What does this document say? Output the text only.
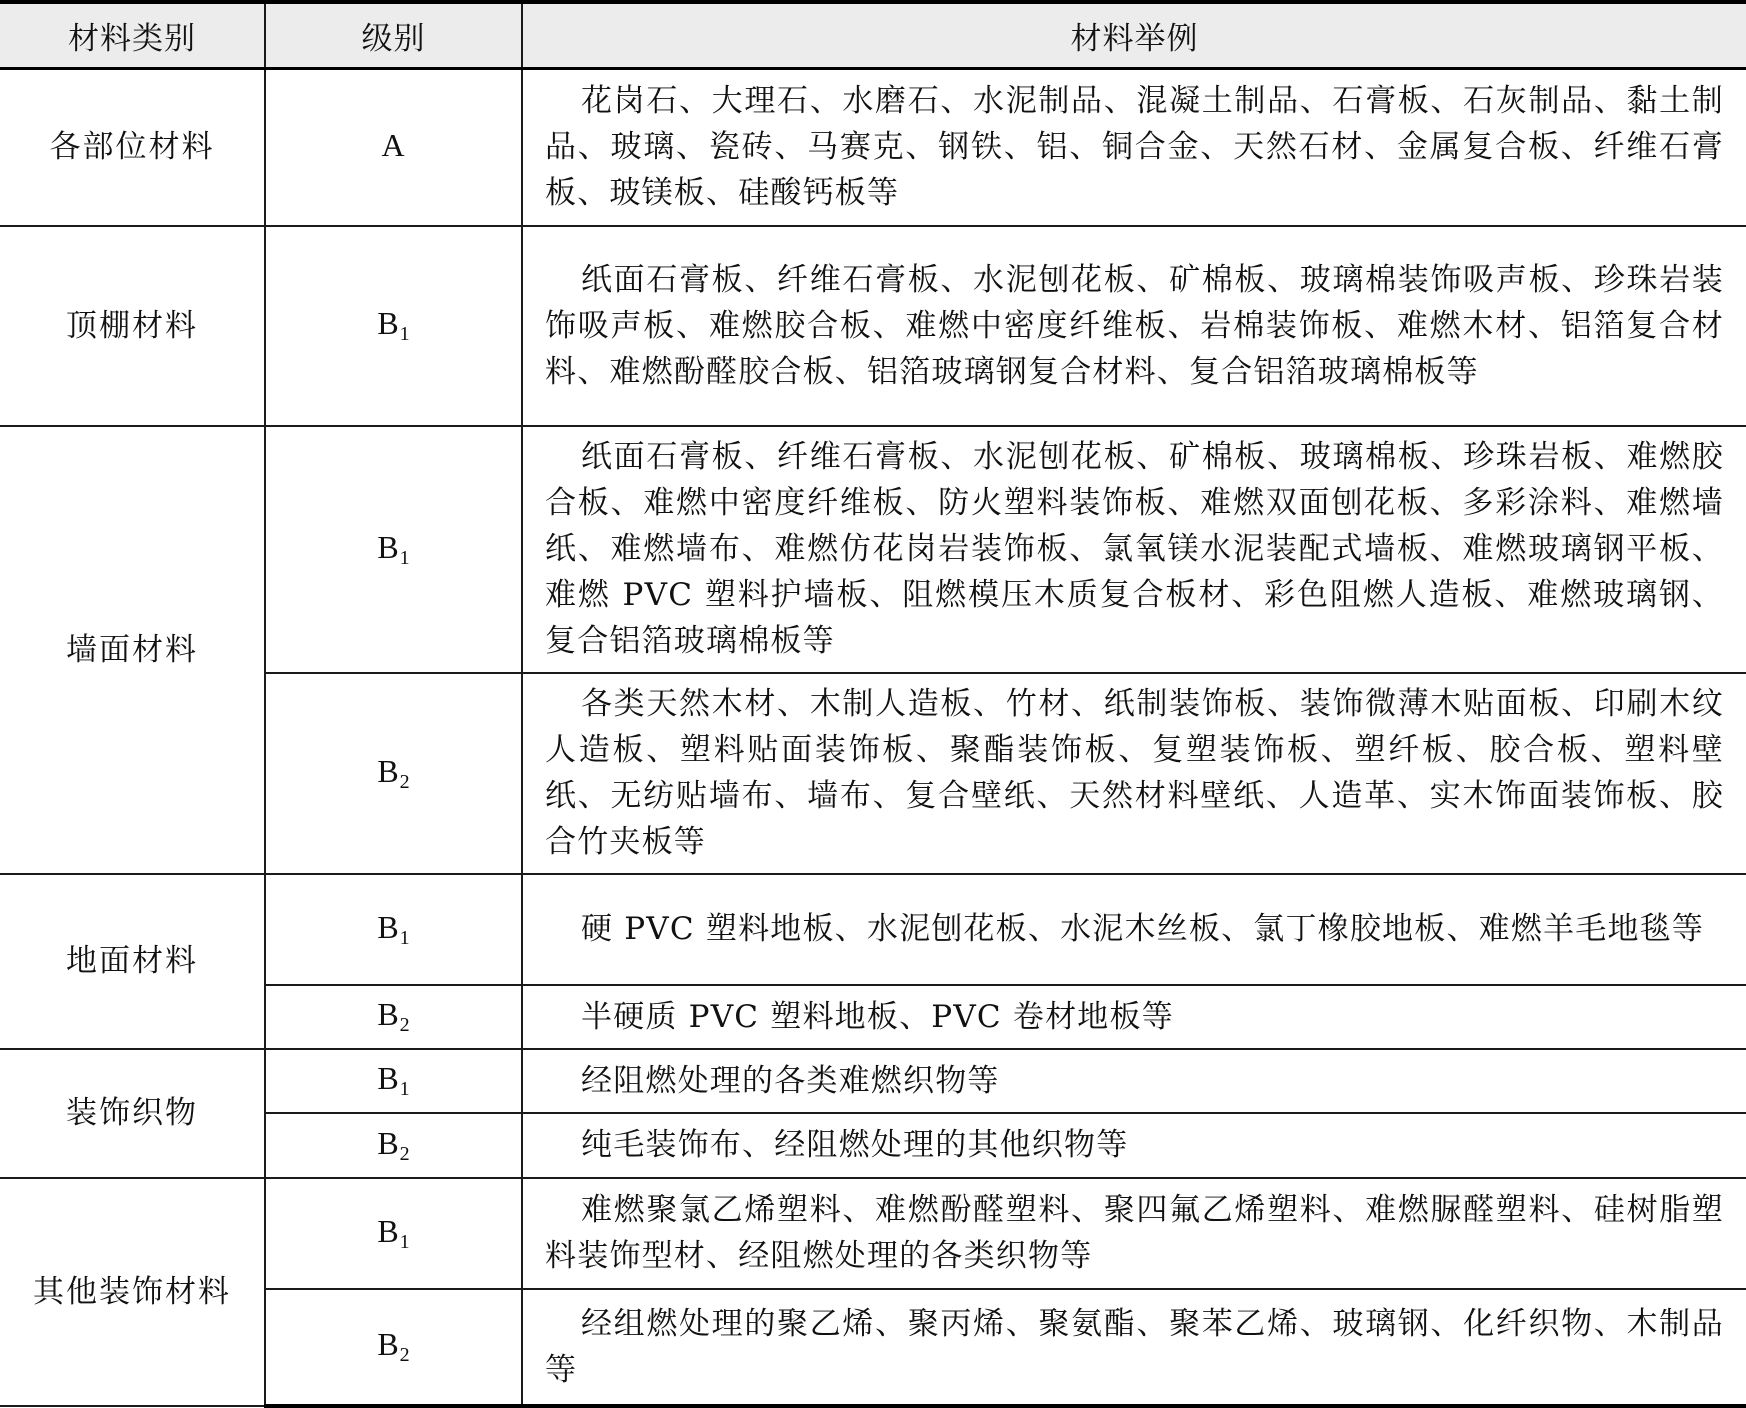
材料类别	级别	材料举例
各部位材料	A	花岗石、大理石、水磨石、水泥制品、混凝土制品、石膏板、石灰制品、黏土制品、玻璃、瓷砖、马赛克、钢铁、铝、铜合金、天然石材、金属复合板、纤维石膏板、玻镁板、硅酸钙板等

顶棚材料	$B_1$	纸面石膏板、纤维石膏板、水泥刨花板、矿棉板、玻璃棉装饰吸声板、珍珠岩装饰吸声板、难燃胶合板、难燃中密度纤维板、岩棉装饰板、难燃木材、铝箔复合材料、难燃酚醛胶合板、铝箔玻璃钢复合材料、复合铝箔玻璃棉板等

墙面材料	$B_1$	纸面石膏板、纤维石膏板、水泥刨花板、矿棉板、玻璃棉板、珍珠岩板、难燃胶合板、难燃中密度纤维板、防火塑料装饰板、难燃双面刨花板、多彩涂料、难燃墙纸、难燃墙布、难燃仿花岗岩装饰板、氯氧镁水泥装配式墙板、难燃玻璃钢平板、难燃 PVC 塑料护墙板、阻燃模压木质复合板材、彩色阻燃人造板、难燃玻璃钢、复合铝箔玻璃棉板等

	$B_2$	各类天然木材、木制人造板、竹材、纸制装饰板、装饰微薄木贴面板、印刷木纹人造板、塑料贴面装饰板、聚酯装饰板、复塑装饰板、塑纤板、胶合板、塑料壁纸、无纺贴墙布、墙布、复合壁纸、天然材料壁纸、人造革、实木饰面装饰板、胶合竹夹板等

地面材料	$B_1$	硬 PVC 塑料地板、水泥刨花板、水泥木丝板、氯丁橡胶地板、难燃羊毛地毯等

	$B_2$	半硬质 PVC 塑料地板、PVC 卷材地板等

装饰织物	$B_1$	经阻燃处理的各类难燃织物等

	$B_2$	纯毛装饰布、经阻燃处理的其他织物等

其他装饰材料	$B_1$	难燃聚氯乙烯塑料、难燃酚醛塑料、聚四氟乙烯塑料、难燃脲醛塑料、硅树脂塑料装饰型材、经阻燃处理的各类织物等

	$B_2$	经组燃处理的聚乙烯、聚丙烯、聚氨酯、聚苯乙烯、玻璃钢、化纤织物、木制品等
